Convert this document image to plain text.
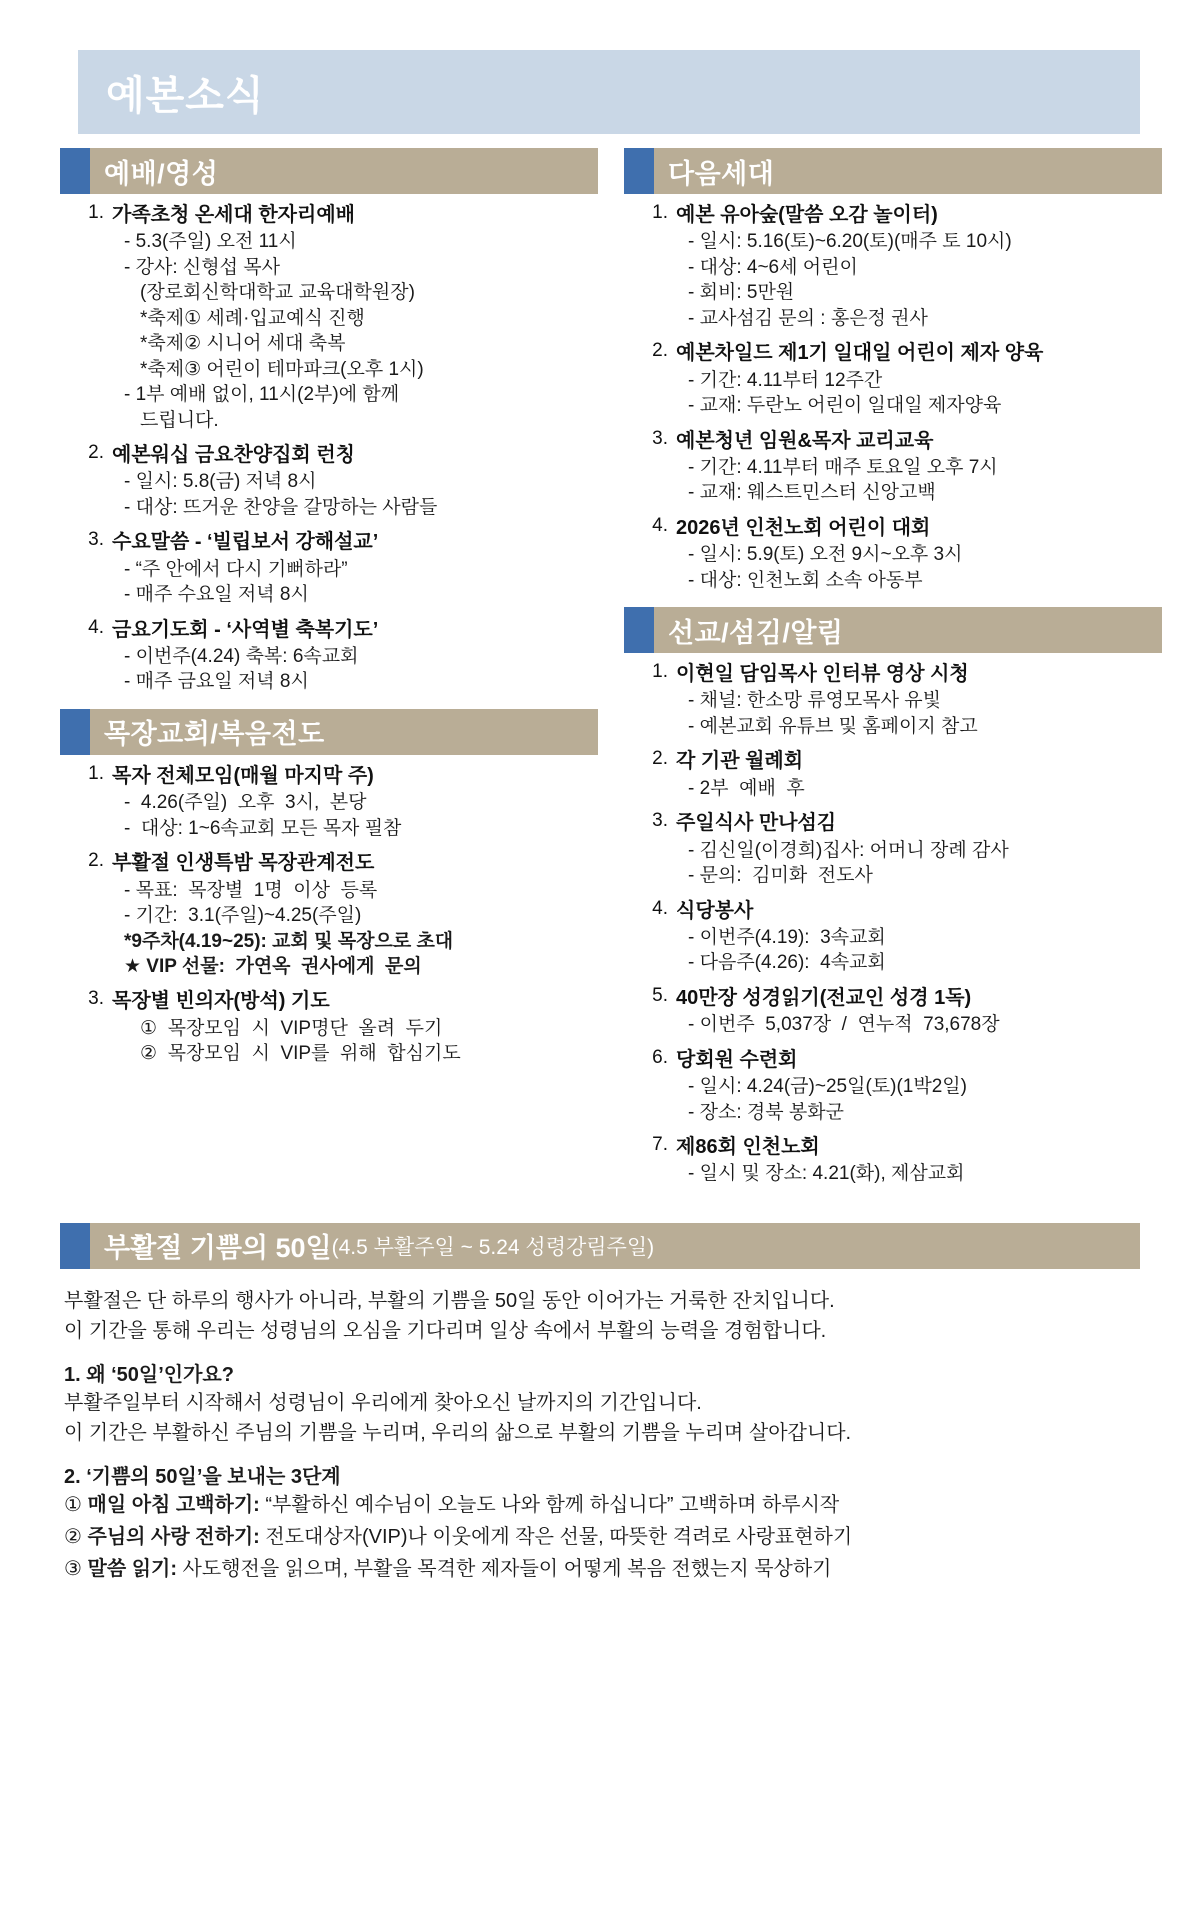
예본소식
예배/영성
1. 가족초청 온세대 한자리예배
- 5.3(주일) 오전 11시
- 강사: 신형섭 목사
(장로회신학대학교 교육대학원장)
*축제① 세례·입교예식 진행
*축제② 시니어 세대 축복
*축제③ 어린이 테마파크(오후 1시)
- 1부 예배 없이, 11시(2부)에 함께
드립니다.
2. 예본워십 금요찬양집회 런칭
- 일시: 5.8(금) 저녁 8시
- 대상: 뜨거운 찬양을 갈망하는 사람들
3. 수요말씀 - ‘빌립보서 강해설교’
- “주 안에서 다시 기뻐하라”
- 매주 수요일 저녁 8시
4. 금요기도회 - ‘사역별 축복기도’
- 이번주(4.24) 축복: 6속교회
- 매주 금요일 저녁 8시
목장교회/복음전도
1. 목자 전체모임(매월 마지막 주)
-  4.26(주일)  오후  3시,  본당
-  대상: 1~6속교회 모든 목자 필참
2. 부활절 인생특밤 목장관계전도
- 목표:  목장별  1명  이상  등록
- 기간:  3.1(주일)~4.25(주일)
*9주차(4.19~25): 교회 및 목장으로 초대
★ VIP 선물:  가연옥  권사에게  문의
3. 목장별 빈의자(방석) 기도
①  목장모임  시  VIP명단  올려  두기
②  목장모임  시  VIP를  위해  합심기도
다음세대
1. 예본 유아숲(말씀 오감 놀이터)
- 일시: 5.16(토)~6.20(토)(매주 토 10시)
- 대상: 4~6세 어린이
- 회비: 5만원
- 교사섬김 문의 : 홍은정 권사
2. 예본차일드 제1기 일대일 어린이 제자 양육
- 기간: 4.11부터 12주간
- 교재: 두란노 어린이 일대일 제자양육
3. 예본청년 임원&목자 교리교육
- 기간: 4.11부터 매주 토요일 오후 7시
- 교재: 웨스트민스터 신앙고백
4. 2026년 인천노회 어린이 대회
- 일시: 5.9(토) 오전 9시~오후 3시
- 대상: 인천노회 소속 아동부
선교/섬김/알림
1. 이현일 담임목사 인터뷰 영상 시청
- 채널: 한소망 류영모목사 유빛
- 예본교회 유튜브 및 홈페이지 참고
2. 각 기관 월례회
- 2부  예배  후
3. 주일식사 만나섬김
- 김신일(이경희)집사: 어머니 장례 감사
- 문의:  김미화  전도사
4. 식당봉사
- 이번주(4.19):  3속교회
- 다음주(4.26):  4속교회
5. 40만장 성경읽기(전교인 성경 1독)
- 이번주  5,037장  /  연누적  73,678장
6. 당회원 수련회
- 일시: 4.24(금)~25일(토)(1박2일)
- 장소: 경북 봉화군
7. 제86회 인천노회
- 일시 및 장소: 4.21(화), 제삼교회
부활절 기쁨의 50일 (4.5 부활주일 ~ 5.24 성령강림주일)

부활절은 단 하루의 행사가 아니라, 부활의 기쁨을 50일 동안 이어가는 거룩한 잔치입니다.

이 기간을 통해 우리는 성령님의 오심을 기다리며 일상 속에서 부활의 능력을 경험합니다.

1. 왜 ‘50일’인가요?

부활주일부터 시작해서 성령님이 우리에게 찾아오신 날까지의 기간입니다.

이 기간은 부활하신 주님의 기쁨을 누리며, 우리의 삶으로 부활의 기쁨을 누리며 살아갑니다.

2. ‘기쁨의 50일’을 보내는 3단계

① 매일 아침 고백하기: “부활하신 예수님이 오늘도 나와 함께 하십니다” 고백하며 하루시작

② 주님의 사랑 전하기: 전도대상자(VIP)나 이웃에게 작은 선물, 따뜻한 격려로 사랑표현하기

③ 말씀 읽기: 사도행전을 읽으며, 부활을 목격한 제자들이 어떻게 복음 전했는지 묵상하기
